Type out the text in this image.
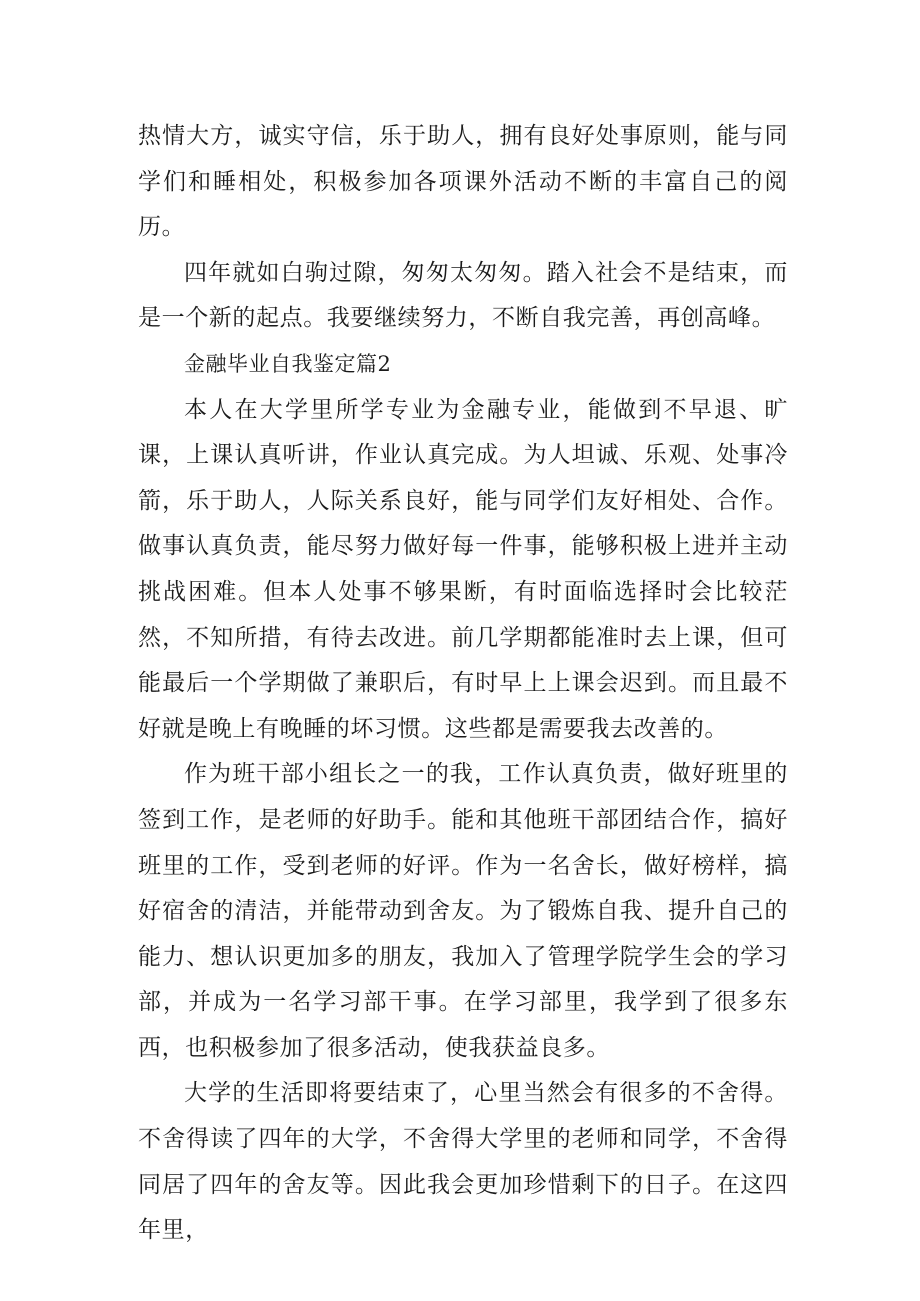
热情大方，诚实守信，乐于助人，拥有良好处事原则，能与同学们和睡相处，积极参加各项课外活动不断的丰富自己的阅历。

四年就如白驹过隙，匆匆太匆匆。踏入社会不是结束，而是一个新的起点。我要继续努力，不断自我完善，再创高峰。

金融毕业自我鉴定篇2

本人在大学里所学专业为金融专业，能做到不早退、旷课，上课认真听讲，作业认真完成。为人坦诚、乐观、处事冷箭，乐于助人，人际关系良好，能与同学们友好相处、合作。做事认真负责，能尽努力做好每一件事，能够积极上进并主动挑战困难。但本人处事不够果断，有时面临选择时会比较茫然，不知所措，有待去改进。前几学期都能准时去上课，但可能最后一个学期做了兼职后，有时早上上课会迟到。而且最不好就是晚上有晚睡的坏习惯。这些都是需要我去改善的。

作为班干部小组长之一的我，工作认真负责，做好班里的签到工作，是老师的好助手。能和其他班干部团结合作，搞好班里的工作，受到老师的好评。作为一名舍长，做好榜样，搞好宿舍的清洁，并能带动到舍友。为了锻炼自我、提升自己的能力、想认识更加多的朋友，我加入了管理学院学生会的学习部，并成为一名学习部干事。在学习部里，我学到了很多东西，也积极参加了很多活动，使我获益良多。

大学的生活即将要结束了，心里当然会有很多的不舍得。不舍得读了四年的大学，不舍得大学里的老师和同学，不舍得同居了四年的舍友等。因此我会更加珍惜剩下的日子。在这四年里，
